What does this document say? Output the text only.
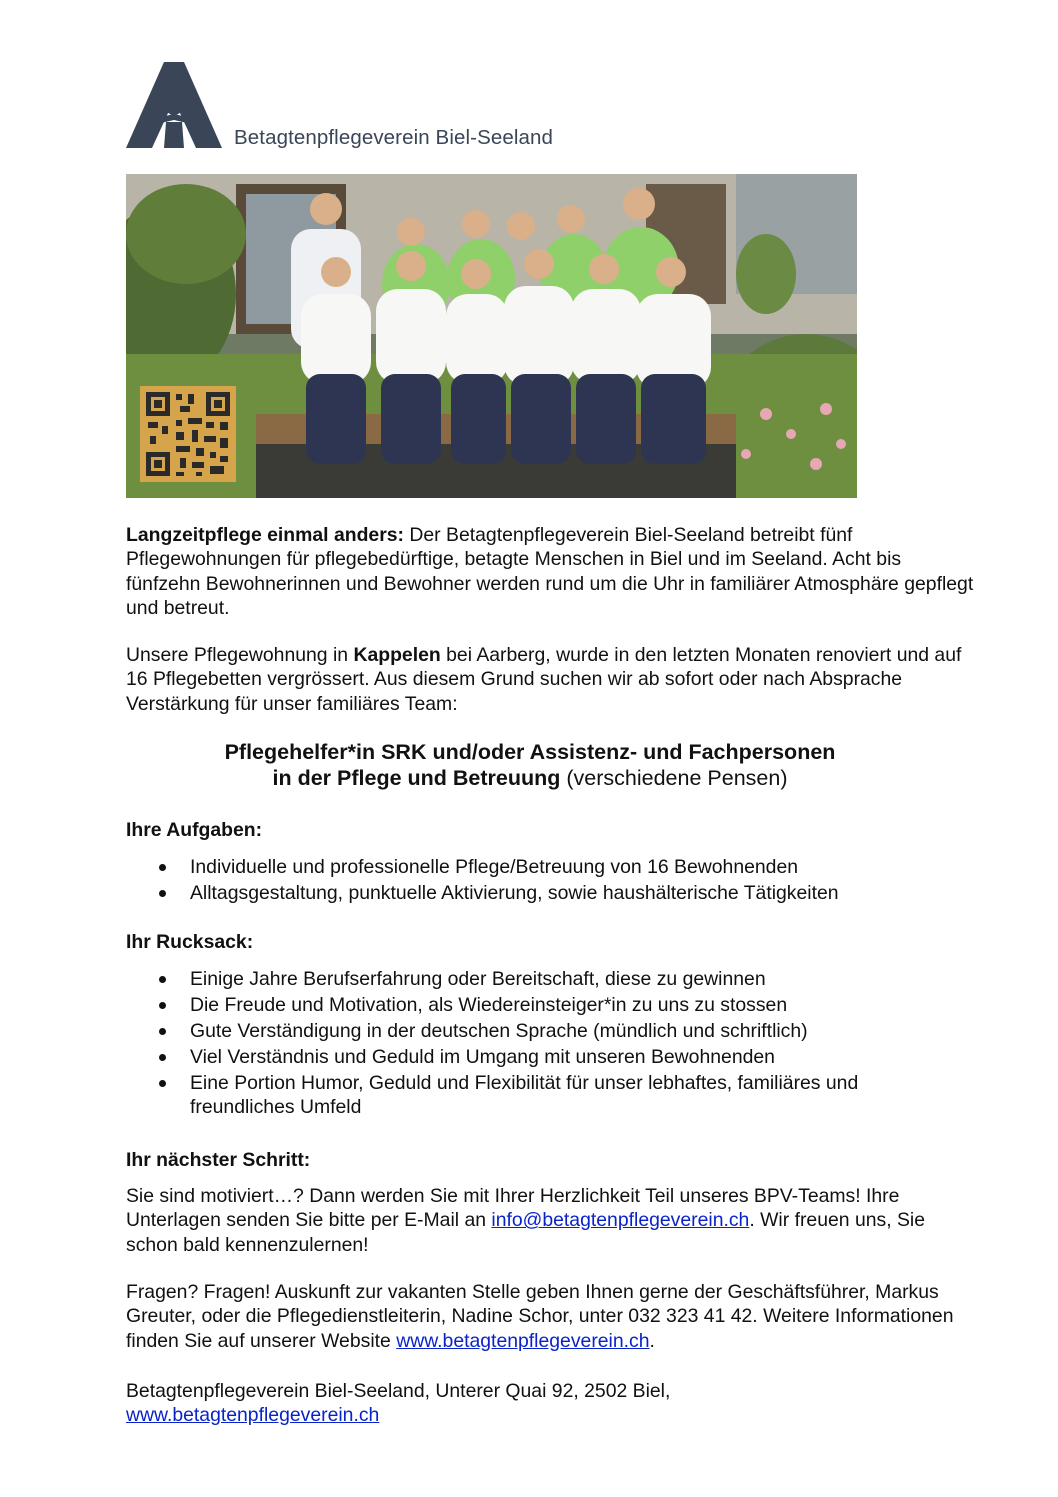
Betagtenpflegeverein Biel-Seeland
Langzeitpflege einmal anders: Der Betagtenpflegeverein Biel-Seeland betreibt fünf Pflegewohnungen für pflegebedürftige, betagte Menschen in Biel und im Seeland. Acht bis fünfzehn Bewohnerinnen und Bewohner werden rund um die Uhr in familiärer Atmosphäre gepflegt und betreut.
Unsere Pflegewohnung in Kappelen bei Aarberg, wurde in den letzten Monaten renoviert und auf 16 Pflegebetten vergrössert. Aus diesem Grund suchen wir ab sofort oder nach Absprache Verstärkung für unser familiäres Team:
Pflegehelfer*in SRK und/oder Assistenz- und Fachpersonen
in der Pflege und Betreuung (verschiedene Pensen)
Ihre Aufgaben:
Individuelle und professionelle Pflege/Betreuung von 16 Bewohnenden
Alltagsgestaltung, punktuelle Aktivierung, sowie haushälterische Tätigkeiten
Ihr Rucksack:
Einige Jahre Berufserfahrung oder Bereitschaft, diese zu gewinnen
Die Freude und Motivation, als Wiedereinsteiger*in zu uns zu stossen
Gute Verständigung in der deutschen Sprache (mündlich und schriftlich)
Viel Verständnis und Geduld im Umgang mit unseren Bewohnenden
Eine Portion Humor, Geduld und Flexibilität für unser lebhaftes, familiäres und freundliches Umfeld
Ihr nächster Schritt:
Sie sind motiviert…? Dann werden Sie mit Ihrer Herzlichkeit Teil unseres BPV-Teams! Ihre Unterlagen senden Sie bitte per E-Mail an info@betagtenpflegeverein.ch. Wir freuen uns, Sie schon bald kennenzulernen!
Fragen? Fragen! Auskunft zur vakanten Stelle geben Ihnen gerne der Geschäftsführer, Markus Greuter, oder die Pflegedienstleiterin, Nadine Schor, unter 032 323 41 42. Weitere Informationen finden Sie auf unserer Website www.betagtenpflegeverein.ch.
Betagtenpflegeverein Biel-Seeland, Unterer Quai 92, 2502 Biel,
www.betagtenpflegeverein.ch
